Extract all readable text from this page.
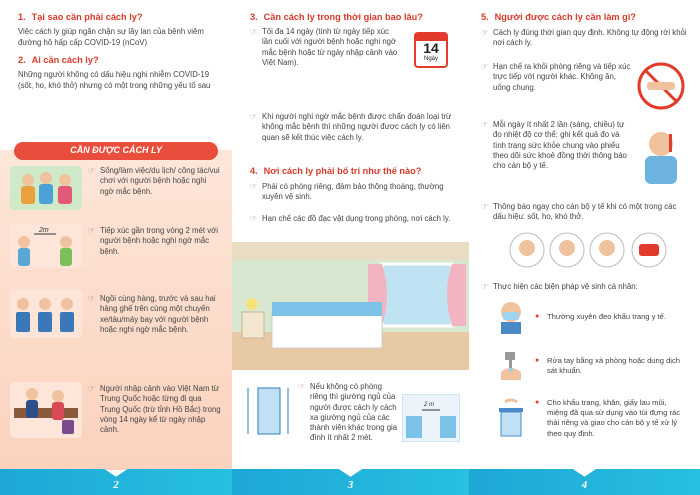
1. Tại sao cần phải cách ly?
Việc cách ly giúp ngăn chặn sự lây lan của bệnh viêm đường hô hấp cấp COVID-19 (nCoV)
2. Ai cần cách ly?
Những người không có dấu hiệu nghi nhiễm COVID-19 (sốt, ho, khó thở) nhưng có một trong những yếu tố sau
CẦN ĐƯỢC CÁCH LY
☞ Sống/làm việc/du lịch/ công tác/vui chơi với người bệnh hoặc nghi ngờ mắc bệnh.
2m
☞	Tiếp xúc gần trong vòng 2 mét với người bệnh hoặc nghi ngờ mắc bệnh.
☞ Ngồi cùng hàng, trước và sau hai hàng ghế trên cùng một chuyến xe/tàu/máy bay với người bệnh hoặc nghi ngờ mắc bệnh.
☞ Người nhập cảnh vào Việt Nam từ Trung Quốc hoặc từng đi qua Trung Quốc (trừ tỉnh Hồ Bắc) trong vòng 14 ngày kể từ ngày nhập cảnh.
2
3. Cần cách ly trong thời gian bao lâu?
☞ Tối đa 14 ngày (tính từ ngày tiếp xúc lần cuối với người bệnh hoặc nghi ngờ mắc bệnh hoặc từ ngày nhập cảnh vào Việt Nam).
14
Ngày
☞ Khi người nghi ngờ mắc bệnh được chẩn đoán loại trừ không mắc bệnh thì những người được cách ly có liên quan sẽ kết thúc việc cách ly.
4. Nơi cách ly phải bố trí như thế nào?
☞ Phải có phòng riêng, đảm bảo thông thoáng, thường xuyên vệ sinh.
☞ Hạn chế các đồ đạc vật dụng trong phòng, nơi cách ly.
☞ Nếu không có phòng riêng thì giường ngủ của người được cách ly cách xa giường ngủ của các thành viên khác trong gia đình ít nhất 2 mét.
2 m
3
5. Người được cách ly cần làm gì?
☞ Cách ly đúng thời gian quy định. Không tự động rời khỏi nơi cách ly.
☞ Hạn chế ra khỏi phòng riêng và tiếp xúc trực tiếp với người khác. Không ăn, uống chung.
☞ Mỗi ngày ít nhất 2 lần (sáng, chiều) tự đo nhiệt độ cơ thể; ghi kết quả đo và tình trạng sức khỏe chung vào phiếu theo dõi sức khoẻ đồng thời thông báo cho cán bộ y tế.
☞ Thông báo ngay cho cán bộ y tế khi có một trong các dấu hiệu: sốt, ho, khó thở.
☞ Thực hiện các biện pháp vệ sinh cá nhân:
● Thường xuyên đeo khẩu trang y tế.
● Rửa tay bằng xà phòng hoặc dung dịch sát khuẩn.
● Cho khẩu trang, khăn, giấy lau mũi, miệng đã qua sử dụng vào túi đựng rác thải riêng và giao cho cán bộ y tế xử lý theo quy định.
4
